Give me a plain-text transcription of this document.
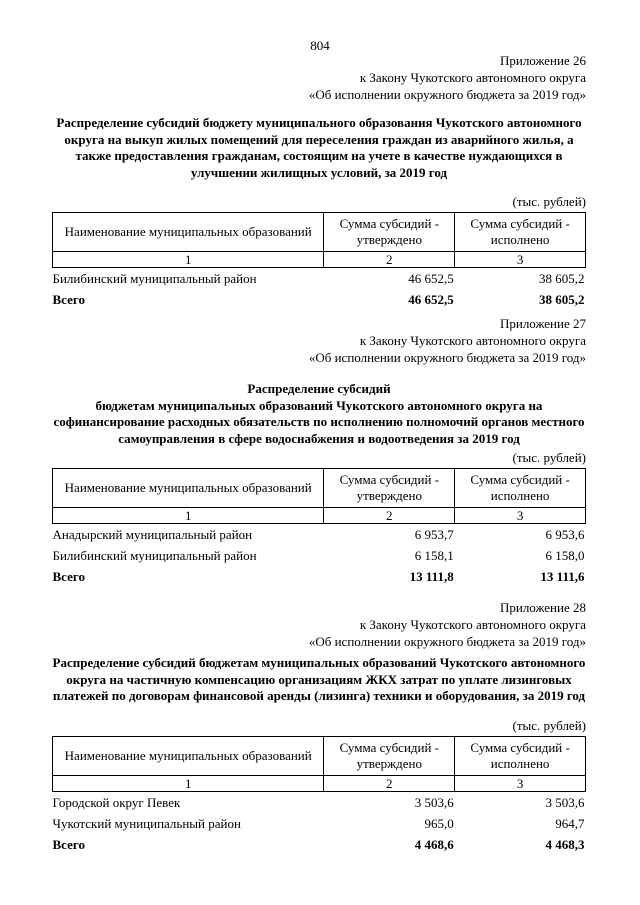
804
Приложение 26
к Закону Чукотского автономного округа
«Об исполнении окружного бюджета за 2019 год»
Распределение субсидий бюджету муниципального образования Чукотского автономного округа на выкуп жилых помещений для переселения граждан из аварийного жилья, а также предоставления гражданам, состоящим на учете в качестве нуждающихся в улучшении жилищных условий, за 2019 год
(тыс. рублей)
Наименование муниципальных образований	Сумма субсидий - утверждено	Сумма субсидий - исполнено
1	2	3
Билибинский муниципальный район	46 652,5	38 605,2
Всего	46 652,5	38 605,2
Приложение 27
к Закону Чукотского автономного округа
«Об исполнении окружного бюджета за 2019 год»
Распределение субсидий
бюджетам муниципальных образований Чукотского автономного округа на софинансирование расходных обязательств по исполнению полномочий органов местного самоуправления в сфере водоснабжения и водоотведения за 2019 год
(тыс. рублей)
Наименование муниципальных образований	Сумма субсидий - утверждено	Сумма субсидий - исполнено
1	2	3
Анадырский муниципальный район	6 953,7	6 953,6
Билибинский муниципальный район	6 158,1	6 158,0
Всего	13 111,8	13 111,6
Приложение 28
к Закону Чукотского автономного округа
«Об исполнении окружного бюджета за 2019 год»
Распределение субсидий бюджетам муниципальных образований Чукотского автономного округа на частичную компенсацию организациям ЖКХ затрат по уплате лизинговых платежей по договорам финансовой аренды (лизинга) техники и оборудования, за 2019 год
(тыс. рублей)
Наименование муниципальных образований	Сумма субсидий - утверждено	Сумма субсидий - исполнено
1	2	3
Городской округ Певек	3 503,6	3 503,6
Чукотский муниципальный район	965,0	964,7
Всего	4 468,6	4 468,3
